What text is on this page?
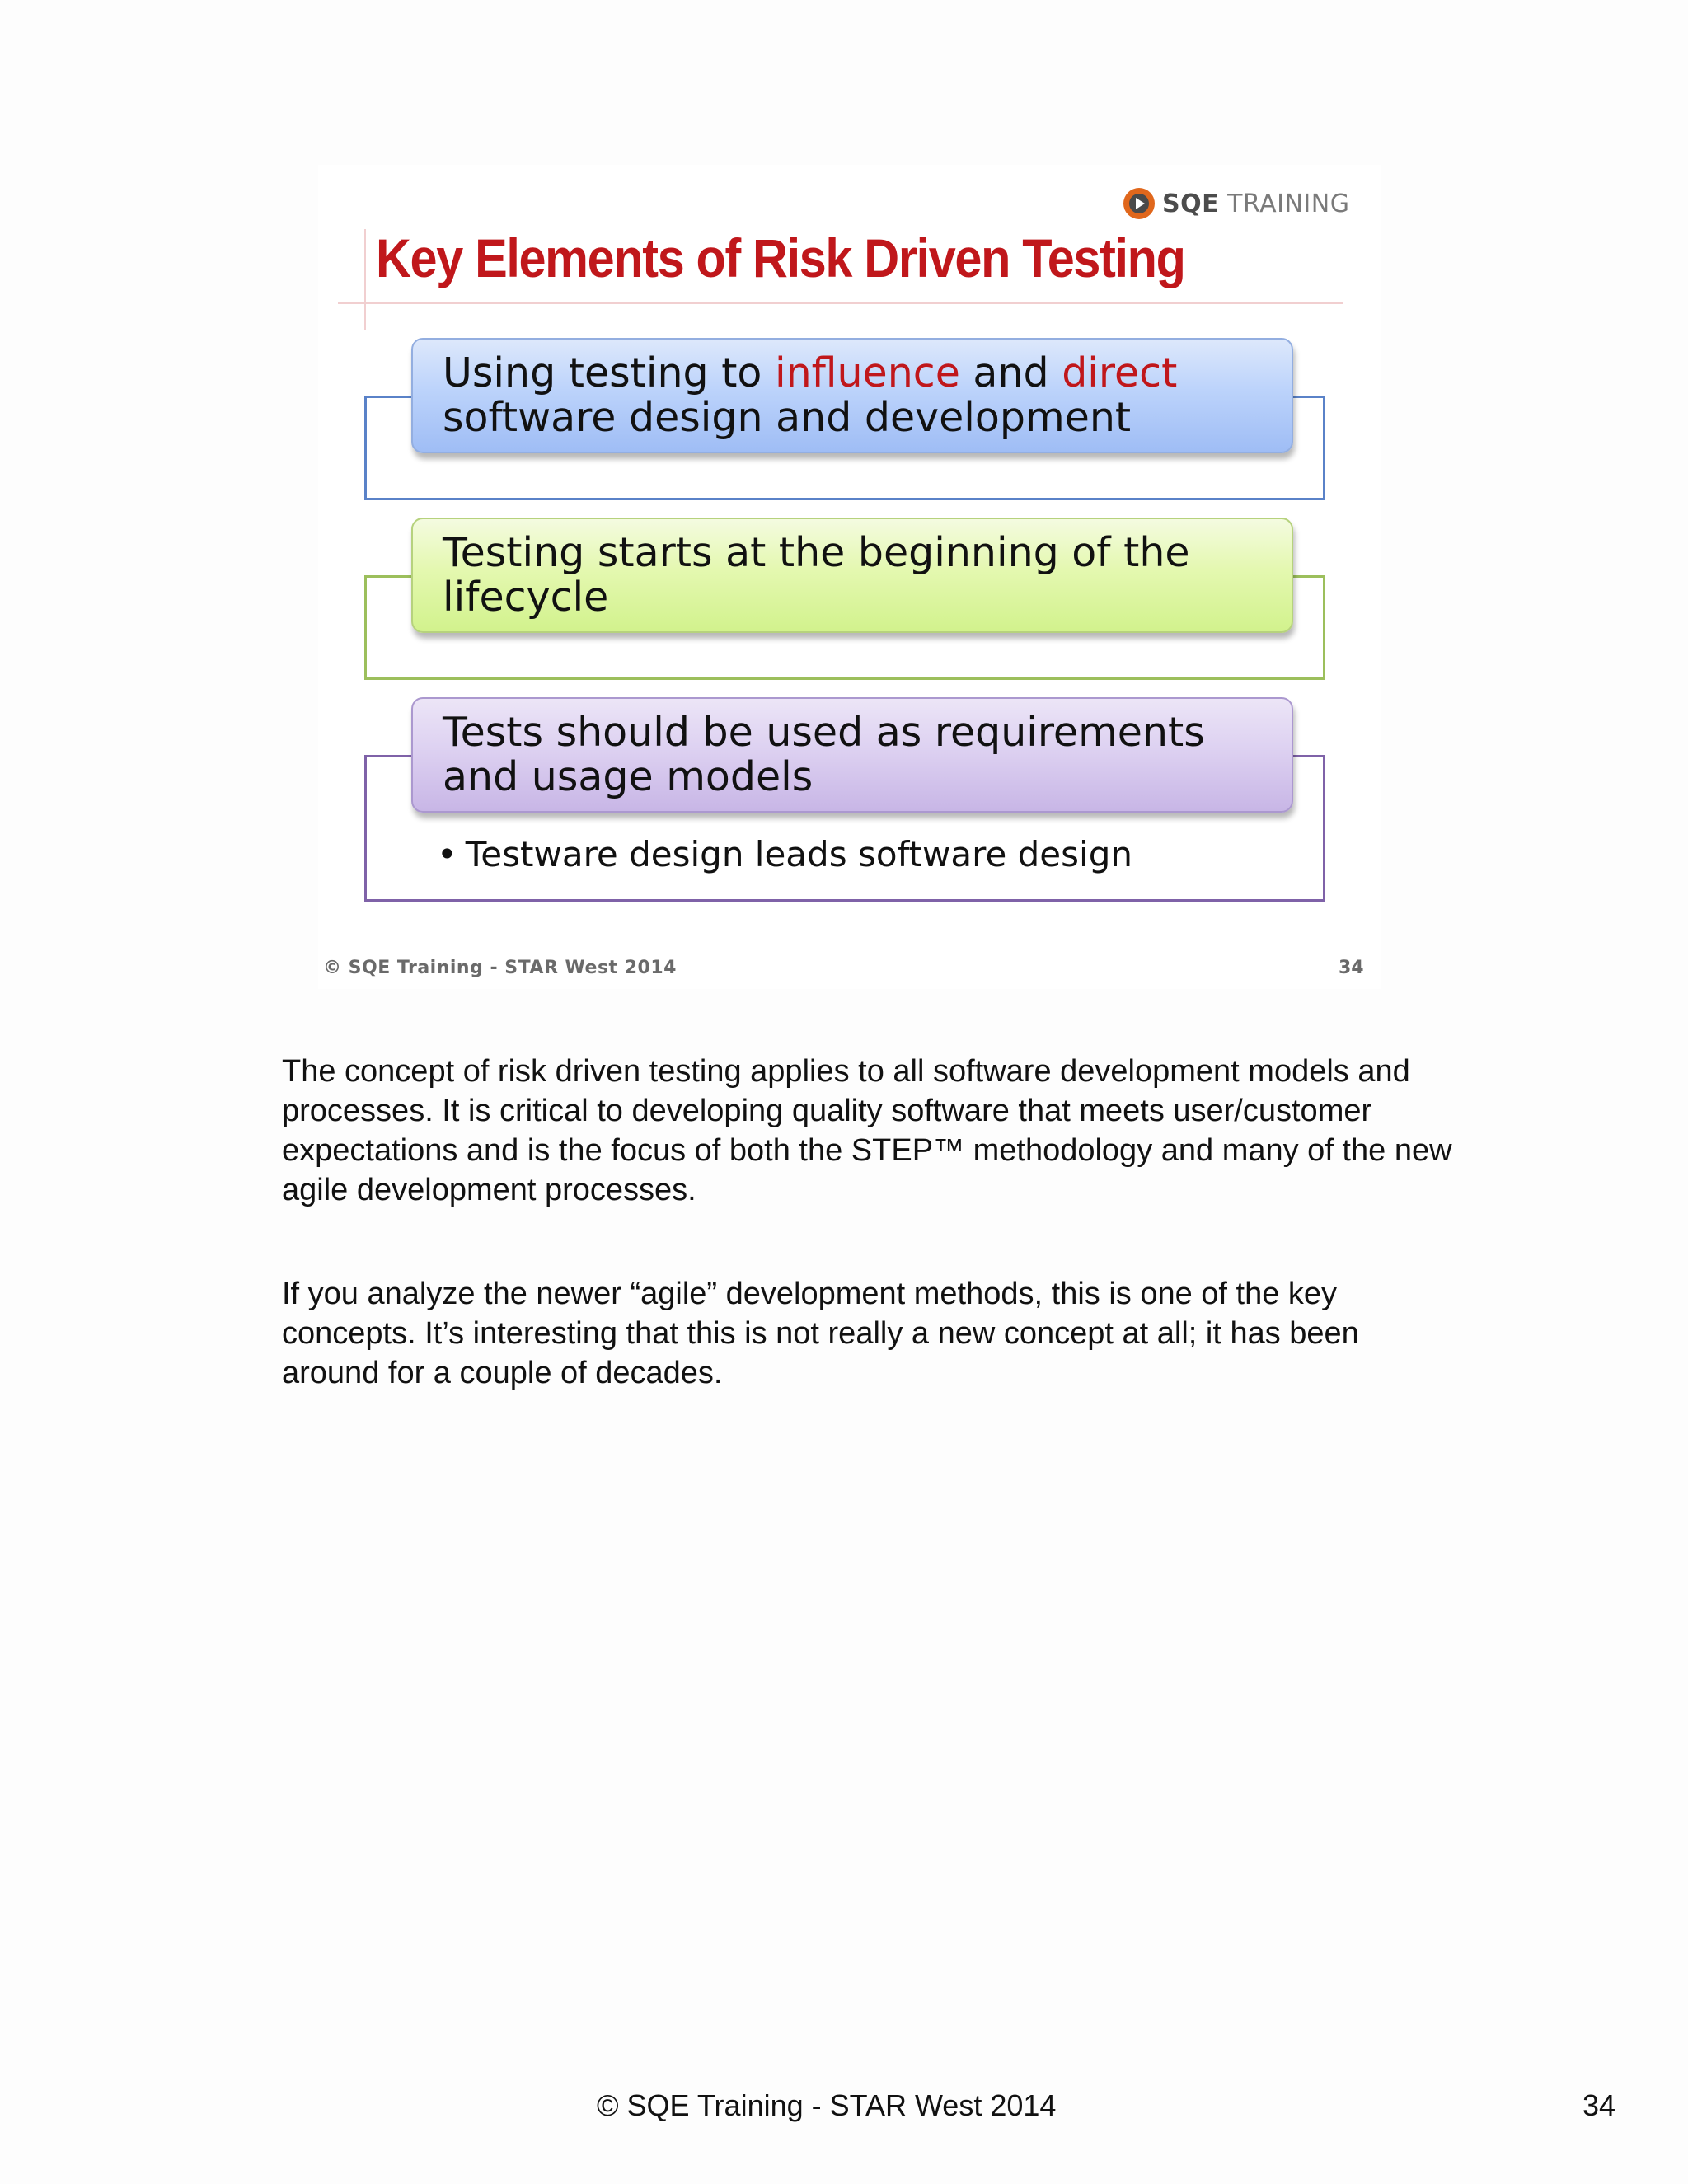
SQE TRAINING
Key Elements of Risk Driven Testing
Using testing to influence and direct
software design and development
Testing starts at the beginning of the
lifecycle
Tests should be used as requirements
and usage models
• Testware design leads software design
© SQE Training - STAR West 2014	34

The concept of risk driven testing applies to all software development models and processes. It is critical to developing quality software that meets user/customer expectations and is the focus of both the STEP™ methodology and many of the new agile development processes.

If you analyze the newer “agile” development methods, this is one of the key concepts. It’s interesting that this is not really a new concept at all; it has been around for a couple of decades.

© SQE Training - STAR West 2014	34
